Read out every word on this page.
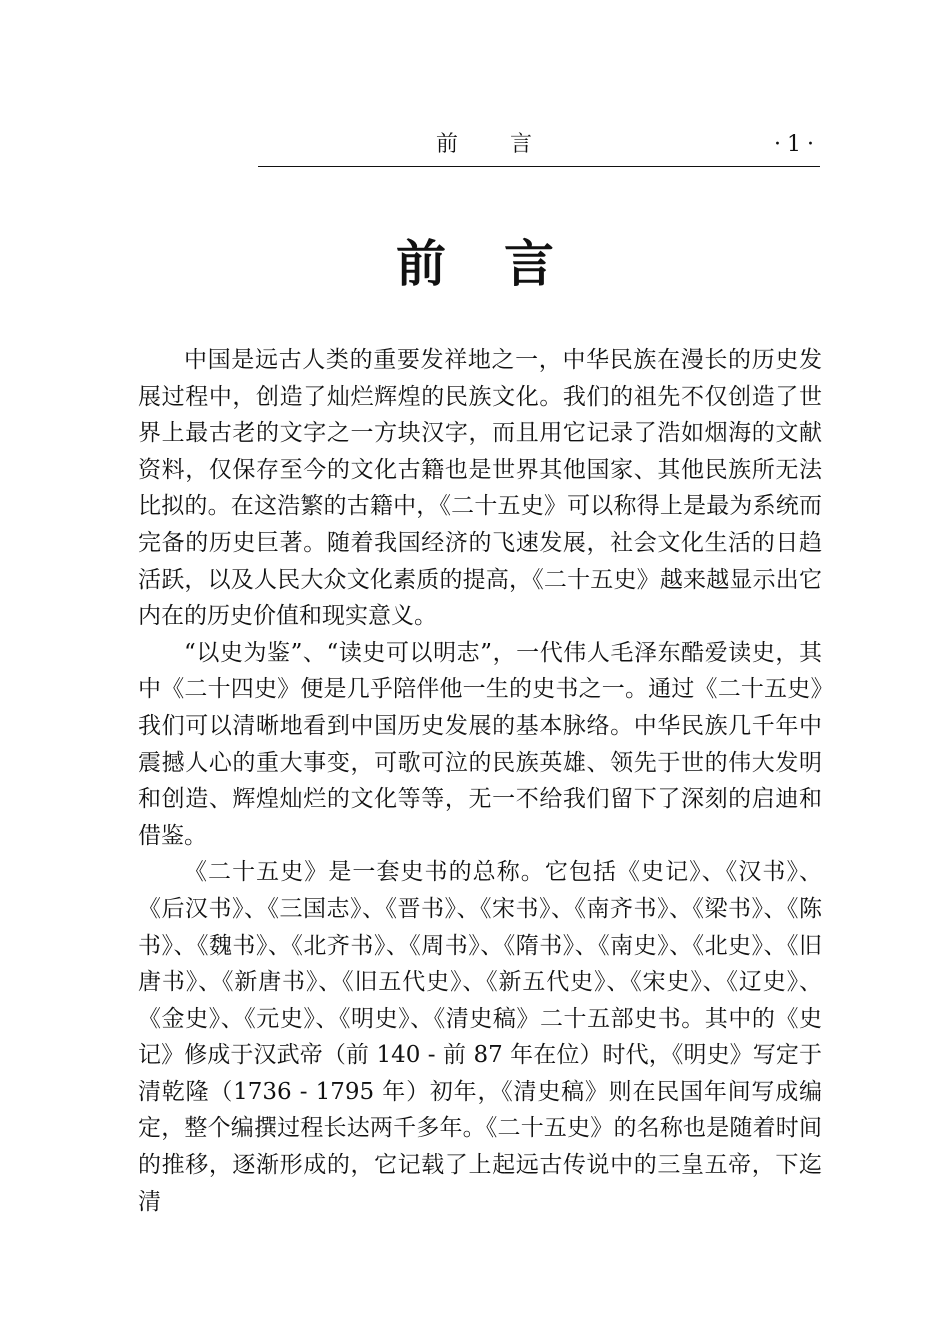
前言	·1·
前言

中国是远古人类的重要发祥地之一，中华民族在漫长的历史发展过程中，创造了灿烂辉煌的民族文化。我们的祖先不仅创造了世界上最古老的文字之一方块汉字，而且用它记录了浩如烟海的文献资料，仅保存至今的文化古籍也是世界其他国家、其他民族所无法比拟的。在这浩繁的古籍中，《二十五史》可以称得上是最为系统而完备的历史巨著。随着我国经济的飞速发展，社会文化生活的日趋活跃，以及人民大众文化素质的提高，《二十五史》越来越显示出它内在的历史价值和现实意义。

“以史为鉴”、“读史可以明志”，一代伟人毛泽东酷爱读史，其中《二十四史》便是几乎陪伴他一生的史书之一。通过《二十五史》我们可以清晰地看到中国历史发展的基本脉络。中华民族几千年中震撼人心的重大事变，可歌可泣的民族英雄、领先于世的伟大发明和创造、辉煌灿烂的文化等等，无一不给我们留下了深刻的启迪和借鉴。

《二十五史》是一套史书的总称。它包括《史记》、《汉书》、《后汉书》、《三国志》、《晋书》、《宋书》、《南齐书》、《梁书》、《陈书》、《魏书》、《北齐书》、《周书》、《隋书》、《南史》、《北史》、《旧唐书》、《新唐书》、《旧五代史》、《新五代史》、《宋史》、《辽史》、《金史》、《元史》、《明史》、《清史稿》二十五部史书。其中的《史记》修成于汉武帝（前 140 - 前 87 年在位）时代，《明史》写定于清乾隆（1736 - 1795 年）初年，《清史稿》则在民国年间写成编定，整个编撰过程长达两千多年。《二十五史》的名称也是随着时间的推移，逐渐形成的，它记载了上起远古传说中的三皇五帝，下迄清
